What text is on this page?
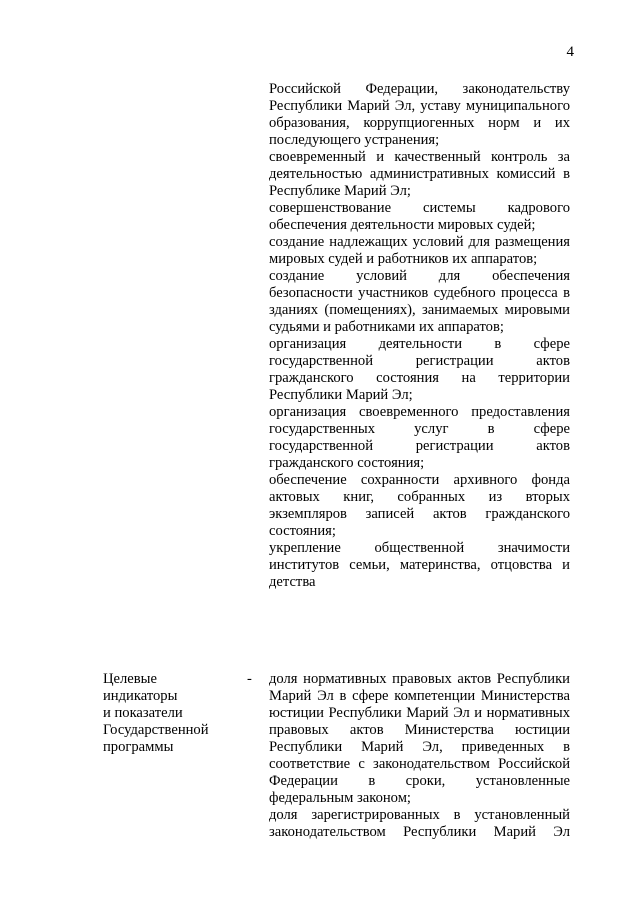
4

Российской Федерации, законодательству Республики Марий Эл, уставу муниципального образования, коррупциогенных норм и их последующего устранения;

своевременный и качественный контроль за деятельностью административных комиссий в Республике Марий Эл;

совершенствование системы кадрового обеспечения деятельности мировых судей;

создание надлежащих условий для размещения мировых судей и работников их аппаратов;

создание условий для обеспечения безопасности участников судебного процесса в зданиях (помещениях), занимаемых мировыми судьями и работниками их аппаратов;

организация деятельности в сфере государственной регистрации актов гражданского состояния на территории Республики Марий Эл;

организация своевременного предоставления государственных услуг в сфере государственной регистрации актов гражданского состояния;

обеспечение сохранности архивного фонда актовых книг, собранных из вторых экземпляров записей актов гражданского состояния;

укрепление общественной значимости институтов семьи, материнства, отцовства и детства

Целевые
индикаторы
и показатели
Государственной
программы
- доля нормативных правовых актов Республики Марий Эл в сфере компетенции Министерства юстиции Республики Марий Эл и нормативных правовых актов Министерства юстиции Республики Марий Эл, приведенных в соответствие с законодательством Российской Федерации в сроки, установленные федеральным законом;

доля зарегистрированных в установленный законодательством Республики Марий Эл
